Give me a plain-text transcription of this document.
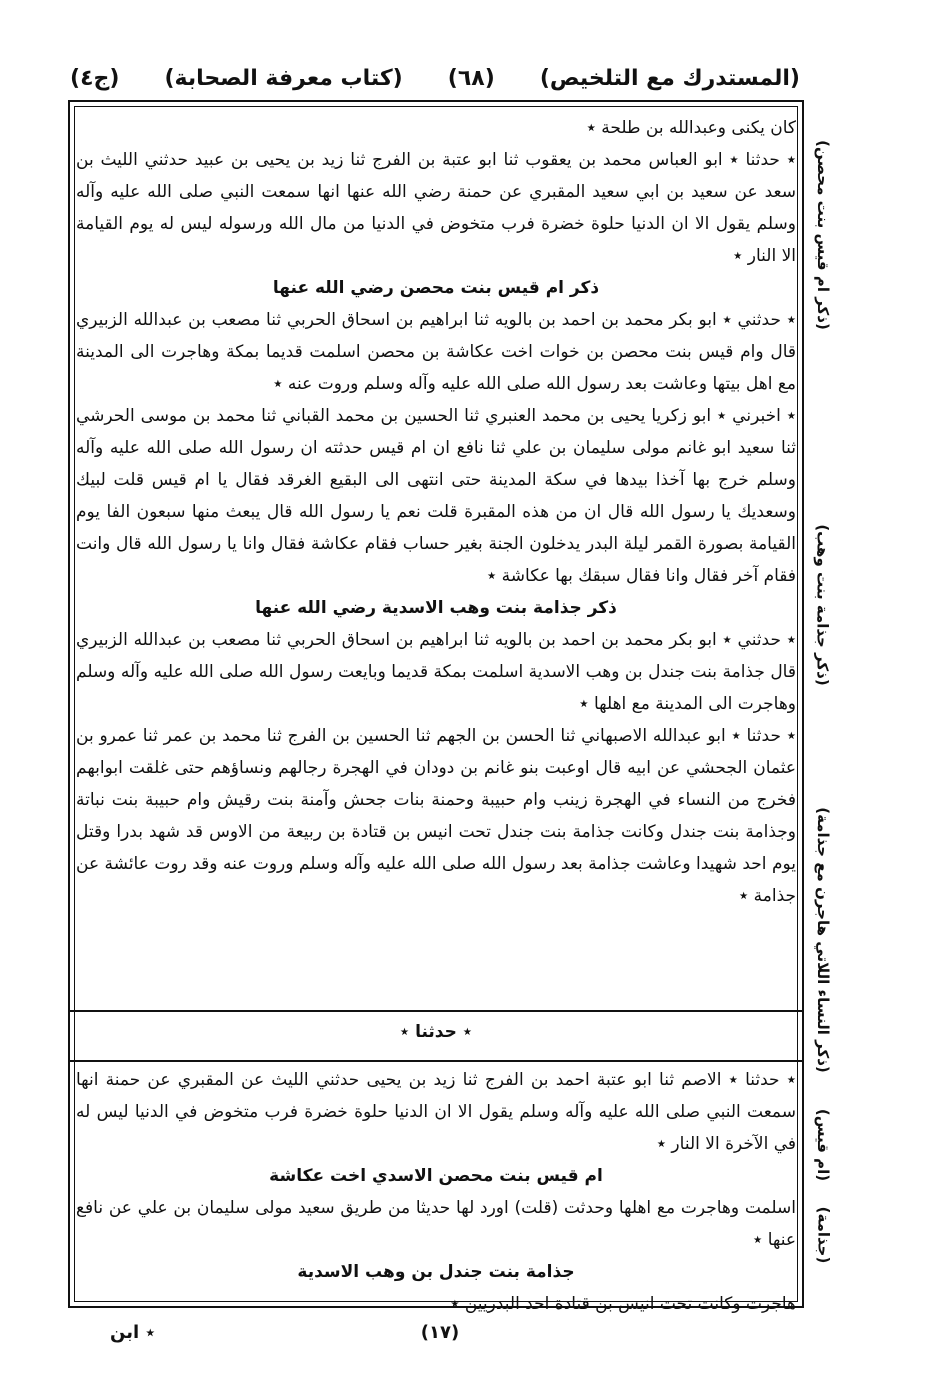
(المستدرك مع التلخيص)
(٦٨)
(كتاب معرفة الصحابة)
(ج٤)

كان يكنى وعبدالله بن طلحة ٭

٭ حدثنا ٭ ابو العباس محمد بن يعقوب ثنا ابو عتبة بن الفرج ثنا زيد بن يحيى بن عبيد حدثني الليث بن سعد عن سعيد بن ابي سعيد المقبري عن حمنة رضي الله عنها انها سمعت النبي صلى الله عليه وآله وسلم يقول الا ان الدنيا حلوة خضرة فرب متخوض في الدنيا من مال الله ورسوله ليس له يوم القيامة الا النار ٭

ذكر ام قيس بنت محصن رضي الله عنها

٭ حدثني ٭ ابو بكر محمد بن احمد بن بالويه ثنا ابراهيم بن اسحاق الحربي ثنا مصعب بن عبدالله الزبيري قال وام قيس بنت محصن بن خوات اخت عكاشة بن محصن اسلمت قديما بمكة وهاجرت الى المدينة مع اهل بيتها وعاشت بعد رسول الله صلى الله عليه وآله وسلم وروت عنه ٭

٭ اخبرني ٭ ابو زكريا يحيى بن محمد العنبري ثنا الحسين بن محمد القباني ثنا محمد بن موسى الحرشي ثنا سعيد ابو غانم مولى سليمان بن علي ثنا نافع ان ام قيس حدثته ان رسول الله صلى الله عليه وآله وسلم خرج بها آخذا بيدها في سكة المدينة حتى انتهى الى البقيع الغرقد فقال يا ام قيس قلت لبيك وسعديك يا رسول الله قال ان من هذه المقبرة قلت نعم يا رسول الله قال يبعث منها سبعون الفا يوم القيامة بصورة القمر ليلة البدر يدخلون الجنة بغير حساب فقام عكاشة فقال وانا يا رسول الله قال وانت فقام آخر فقال وانا فقال سبقك بها عكاشة ٭

ذكر جذامة بنت وهب الاسدية رضي الله عنها

٭ حدثني ٭ ابو بكر محمد بن احمد بن بالويه ثنا ابراهيم بن اسحاق الحربي ثنا مصعب بن عبدالله الزبيري قال جذامة بنت جندل بن وهب الاسدية اسلمت بمكة قديما وبايعت رسول الله صلى الله عليه وآله وسلم وهاجرت الى المدينة مع اهلها ٭

٭ حدثنا ٭ ابو عبدالله الاصبهاني ثنا الحسن بن الجهم ثنا الحسين بن الفرج ثنا محمد بن عمر ثنا عمرو بن عثمان الجحشي عن ابيه قال اوعبت بنو غانم بن دودان في الهجرة رجالهم ونساؤهم حتى غلقت ابوابهم فخرج من النساء في الهجرة زينب وام حبيبة وحمنة بنات جحش وآمنة بنت رقيش وام حبيبة بنت نباتة وجذامة بنت جندل وكانت جذامة بنت جندل تحت انيس بن قتادة بن ربيعة من الاوس قد شهد بدرا وقتل يوم احد شهيدا وعاشت جذامة بعد رسول الله صلى الله عليه وآله وسلم وروت عنه وقد روت عائشة عن جذامة ٭

٭ حدثنا ٭

٭ حدثنا ٭ الاصم ثنا ابو عتبة احمد بن الفرج ثنا زيد بن يحيى حدثني الليث عن المقبري عن حمنة انها سمعت النبي صلى الله عليه وآله وسلم يقول الا ان الدنيا حلوة خضرة فرب متخوض في الدنيا ليس له في الآخرة الا النار ٭

ام قيس بنت محصن الاسدي اخت عكاشة

اسلمت وهاجرت مع اهلها وحدثت (قلت) اورد لها حديثا من طريق سعيد مولى سليمان بن علي عن نافع عنها ٭

جذامة بنت جندل بن وهب الاسدية

هاجرت وكانت تحت انيس بن قتادة احد البدريين ٭

(ذكر ام قيس بنت محصن)
(ذكر جذامة بنت وهب)
(ذكر النساء اللاتي هاجرن مع جذامة)
(ام قيس)
(جذامة)
(١٧)
٭ ابن
